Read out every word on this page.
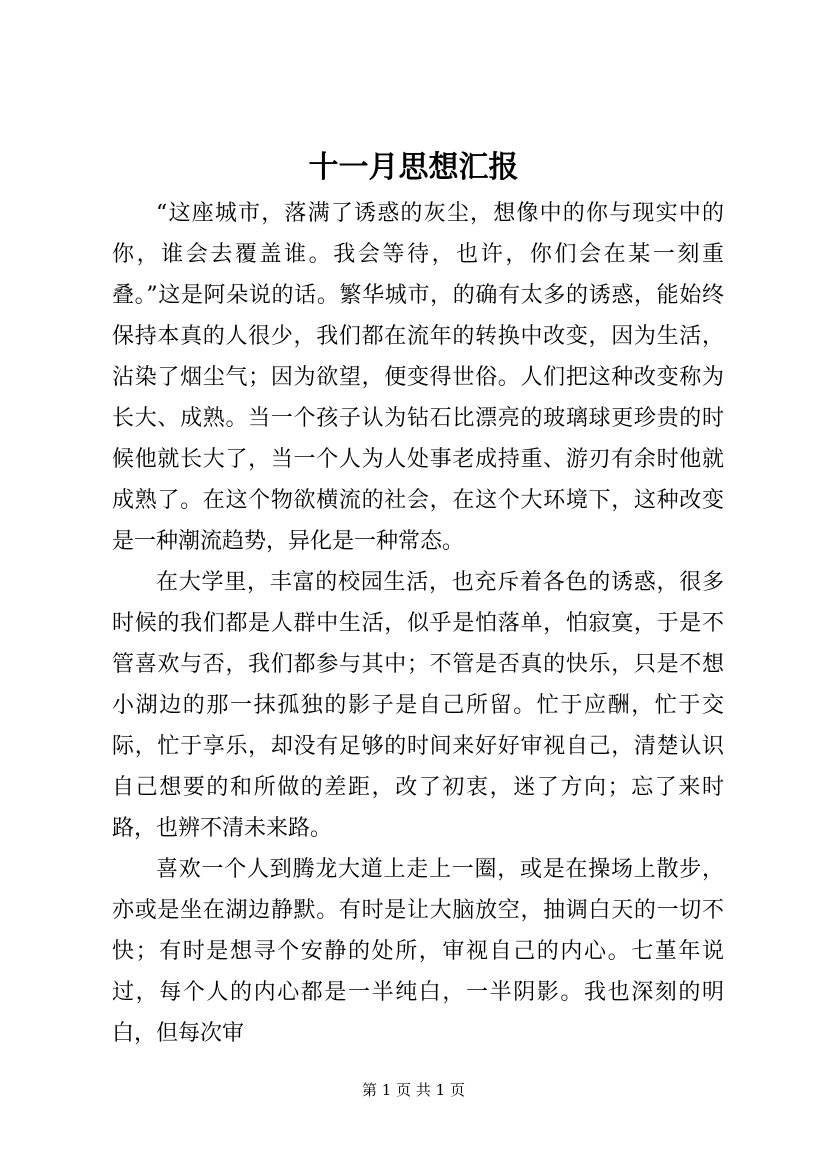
十一月思想汇报

“这座城市，落满了诱惑的灰尘，想像中的你与现实中的你，谁会去覆盖谁。我会等待，也许，你们会在某一刻重叠。”这是阿朵说的话。繁华城市，的确有太多的诱惑，能始终保持本真的人很少，我们都在流年的转换中改变，因为生活，沾染了烟尘气；因为欲望，便变得世俗。人们把这种改变称为长大、成熟。当一个孩子认为钻石比漂亮的玻璃球更珍贵的时候他就长大了，当一个人为人处事老成持重、游刃有余时他就成熟了。在这个物欲横流的社会，在这个大环境下，这种改变是一种潮流趋势，异化是一种常态。

在大学里，丰富的校园生活，也充斥着各色的诱惑，很多时候的我们都是人群中生活，似乎是怕落单，怕寂寞，于是不管喜欢与否，我们都参与其中；不管是否真的快乐，只是不想小湖边的那一抹孤独的影子是自己所留。忙于应酬，忙于交际，忙于享乐，却没有足够的时间来好好审视自己，清楚认识自己想要的和所做的差距，改了初衷，迷了方向；忘了来时路，也辨不清未来路。

喜欢一个人到腾龙大道上走上一圈，或是在操场上散步，亦或是坐在湖边静默。有时是让大脑放空，抽调白天的一切不快；有时是想寻个安静的处所，审视自己的内心。七堇年说过，每个人的内心都是一半纯白，一半阴影。我也深刻的明白，但每次审

第 1 页 共 1 页
